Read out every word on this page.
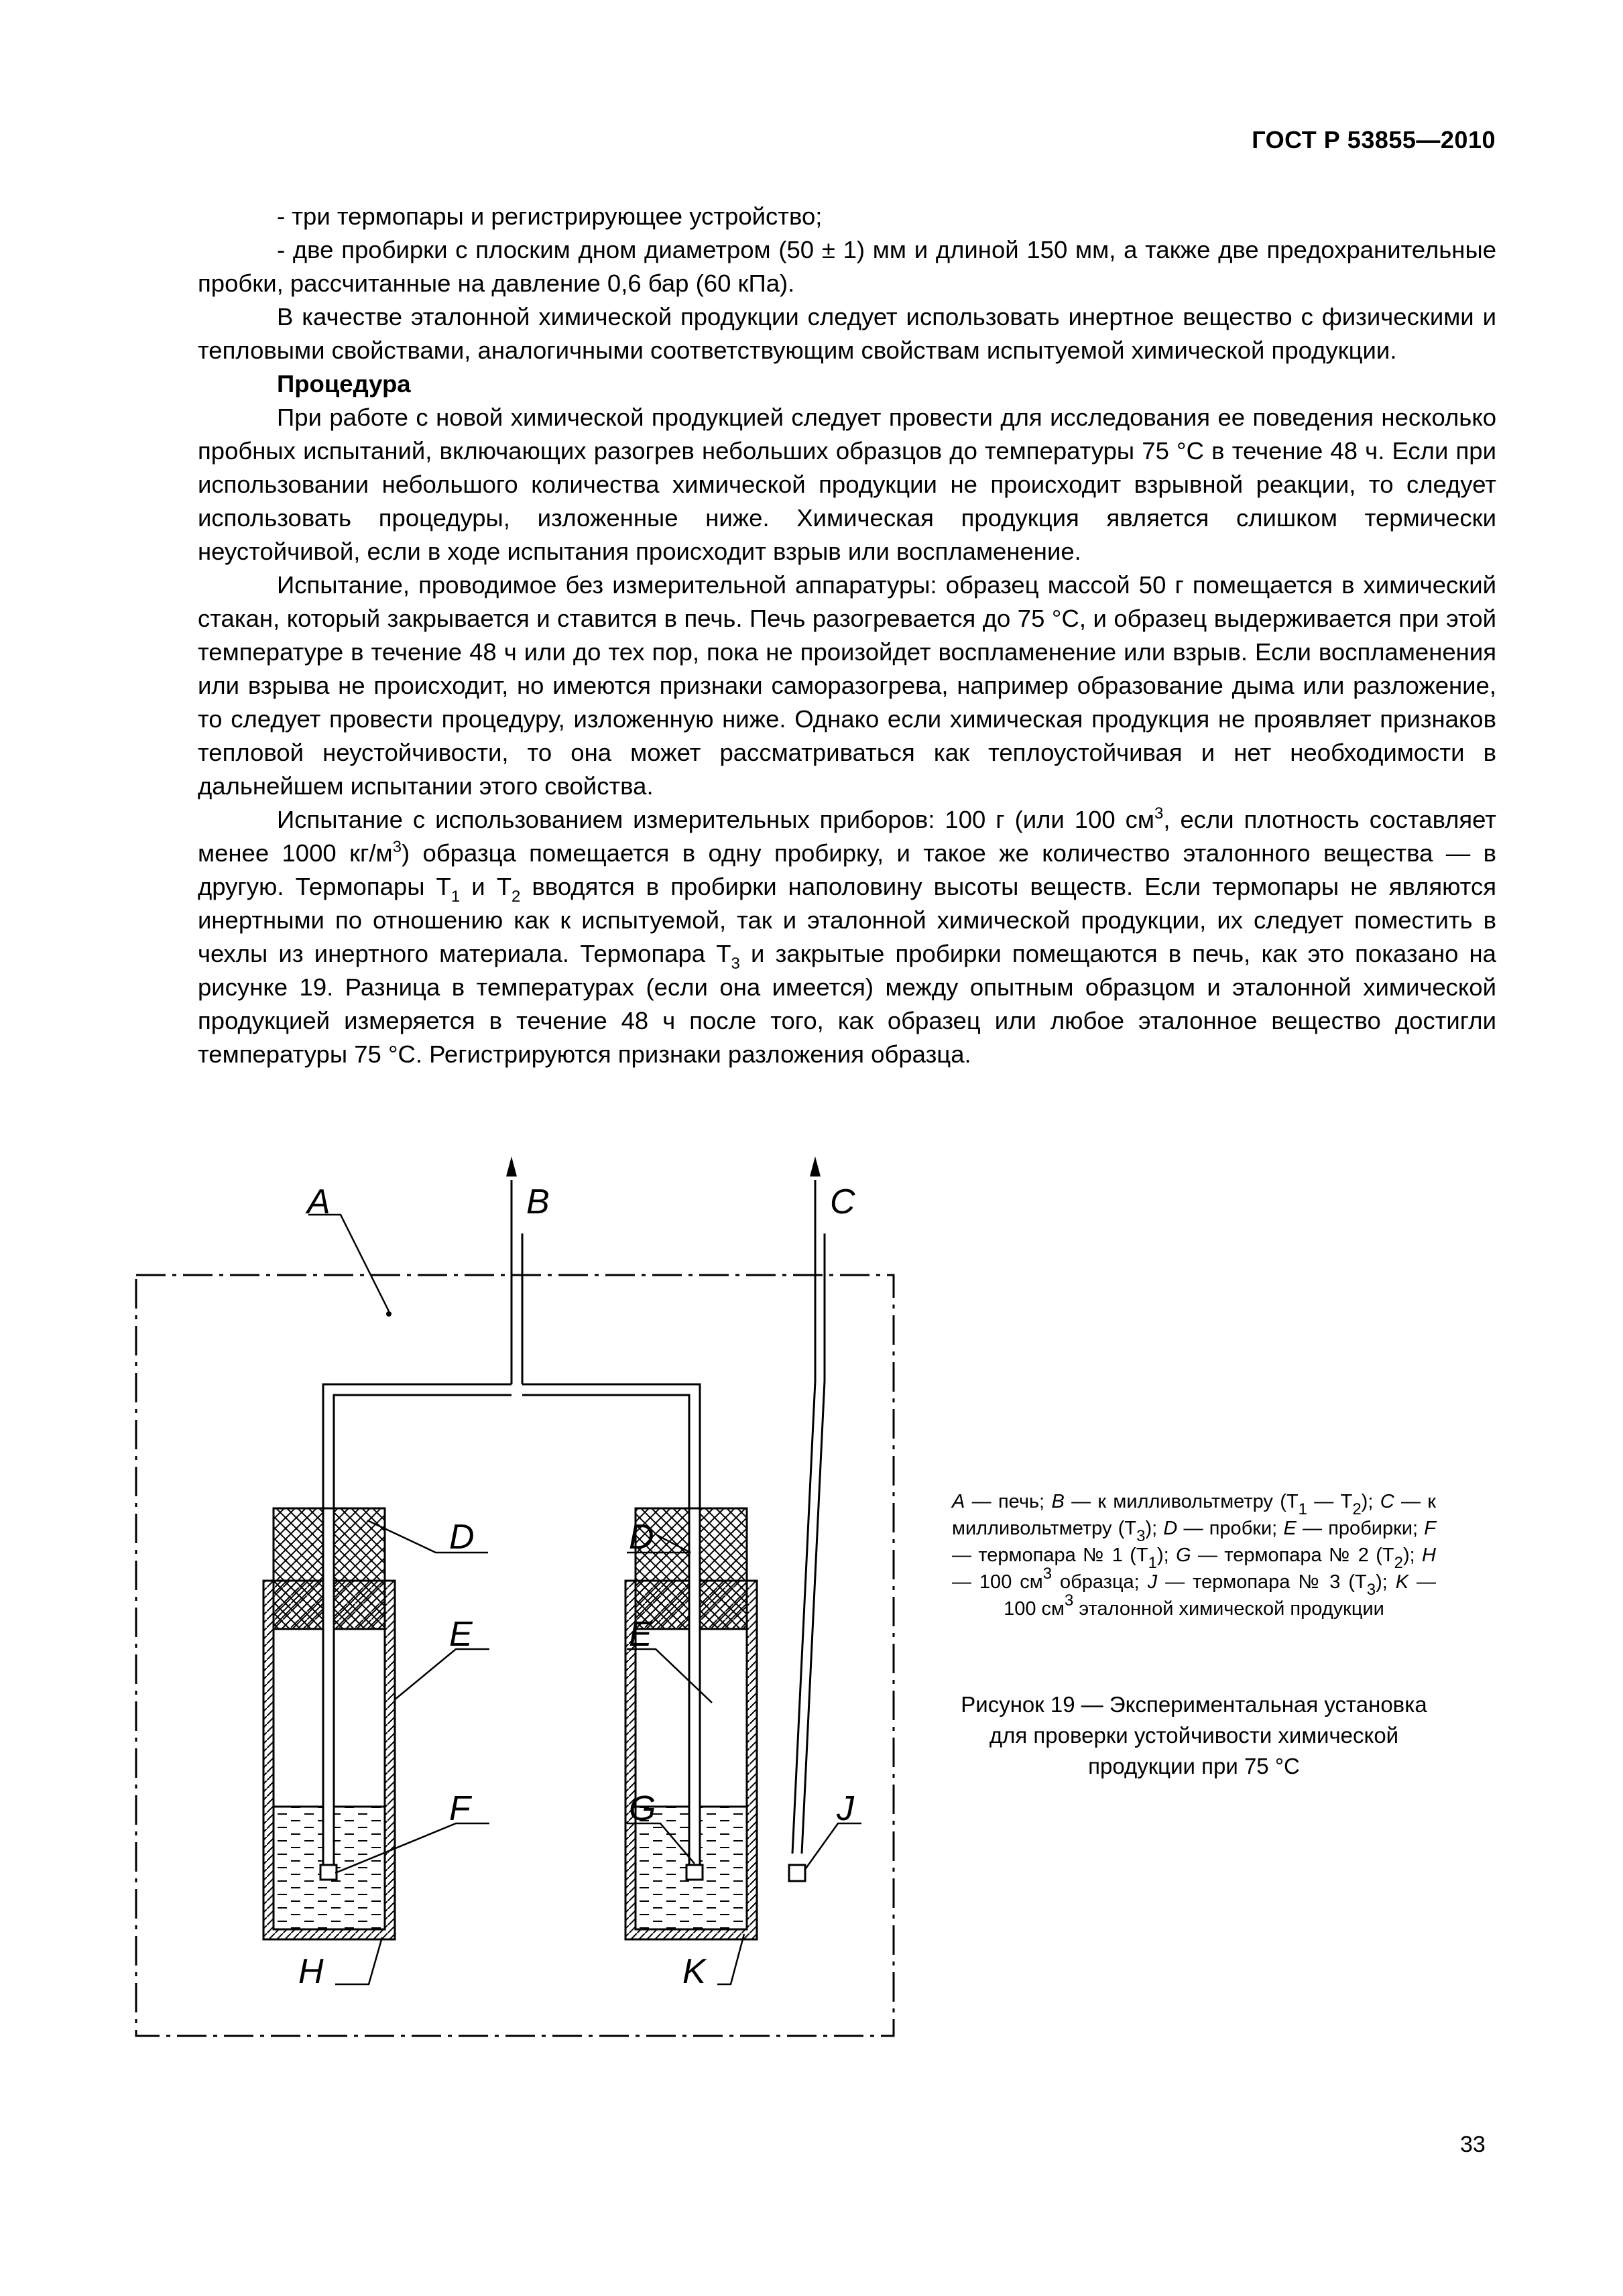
ГОСТ Р 53855—2010

- три термопары и регистрирующее устройство;

- две пробирки с плоским дном диаметром (50 ± 1) мм и длиной 150 мм, а также две предохранительные пробки, рассчитанные на давление 0,6 бар (60 кПа).

В качестве эталонной химической продукции следует использовать инертное вещество с физическими и тепловыми свойствами, аналогичными соответствующим свойствам испытуемой химической продукции.

Процедура

При работе с новой химической продукцией следует провести для исследования ее поведения несколько пробных испытаний, включающих разогрев небольших образцов до температуры 75 °C в течение 48 ч. Если при использовании небольшого количества химической продукции не происходит взрывной реакции, то следует использовать процедуры, изложенные ниже. Химическая продукция является слишком термически неустойчивой, если в ходе испытания происходит взрыв или воспламенение.

Испытание, проводимое без измерительной аппаратуры: образец массой 50 г помещается в химический стакан, который закрывается и ставится в печь. Печь разогревается до 75 °C, и образец выдерживается при этой температуре в течение 48 ч или до тех пор, пока не произойдет воспламенение или взрыв. Если воспламенения или взрыва не происходит, но имеются признаки саморазогрева, например образование дыма или разложение, то следует провести процедуру, изложенную ниже. Однако если химическая продукция не проявляет признаков тепловой неустойчивости, то она может рассматриваться как теплоустойчивая и нет необходимости в дальнейшем испытании этого свойства.

Испытание с использованием измерительных приборов: 100 г (или 100 $см^3$, если плотность составляет менее 1000 $кг/м^3$) образца помещается в одну пробирку, и такое же количество эталонного вещества — в другую. Термопары $Т_1$ и $Т_2$ вводятся в пробирки наполовину высоты веществ. Если термопары не являются инертными по отношению как к испытуемой, так и эталонной химической продукции, их следует поместить в чехлы из инертного материала. Термопара $Т_3$ и закрытые пробирки помещаются в печь, как это показано на рисунке 19. Разница в температурах (если она имеется) между опытным образцом и эталонной химической продукцией измеряется в течение 48 ч после того, как образец или любое эталонное вещество достигли температуры 75 °C. Регистрируются признаки разложения образца.

A	B	C
D	D
E	E
F	G	J
H	K
A — печь; B — к милливольтметру ($Т_1$ — $Т_2$); C — к милливольтметру $(Т_3)$; D — пробки; E — пробирки; F — термопара № 1 $(Т_1)$; G — термопара № 2 $(Т_2)$; H — 100 $см^3$ образца; J — термопара № 3 $(Т_3)$; K — 100 $см^3$ эталонной химической продукции
Рисунок 19 — Экспериментальная установка для проверки устойчивости химической продукции при 75 °C
33
